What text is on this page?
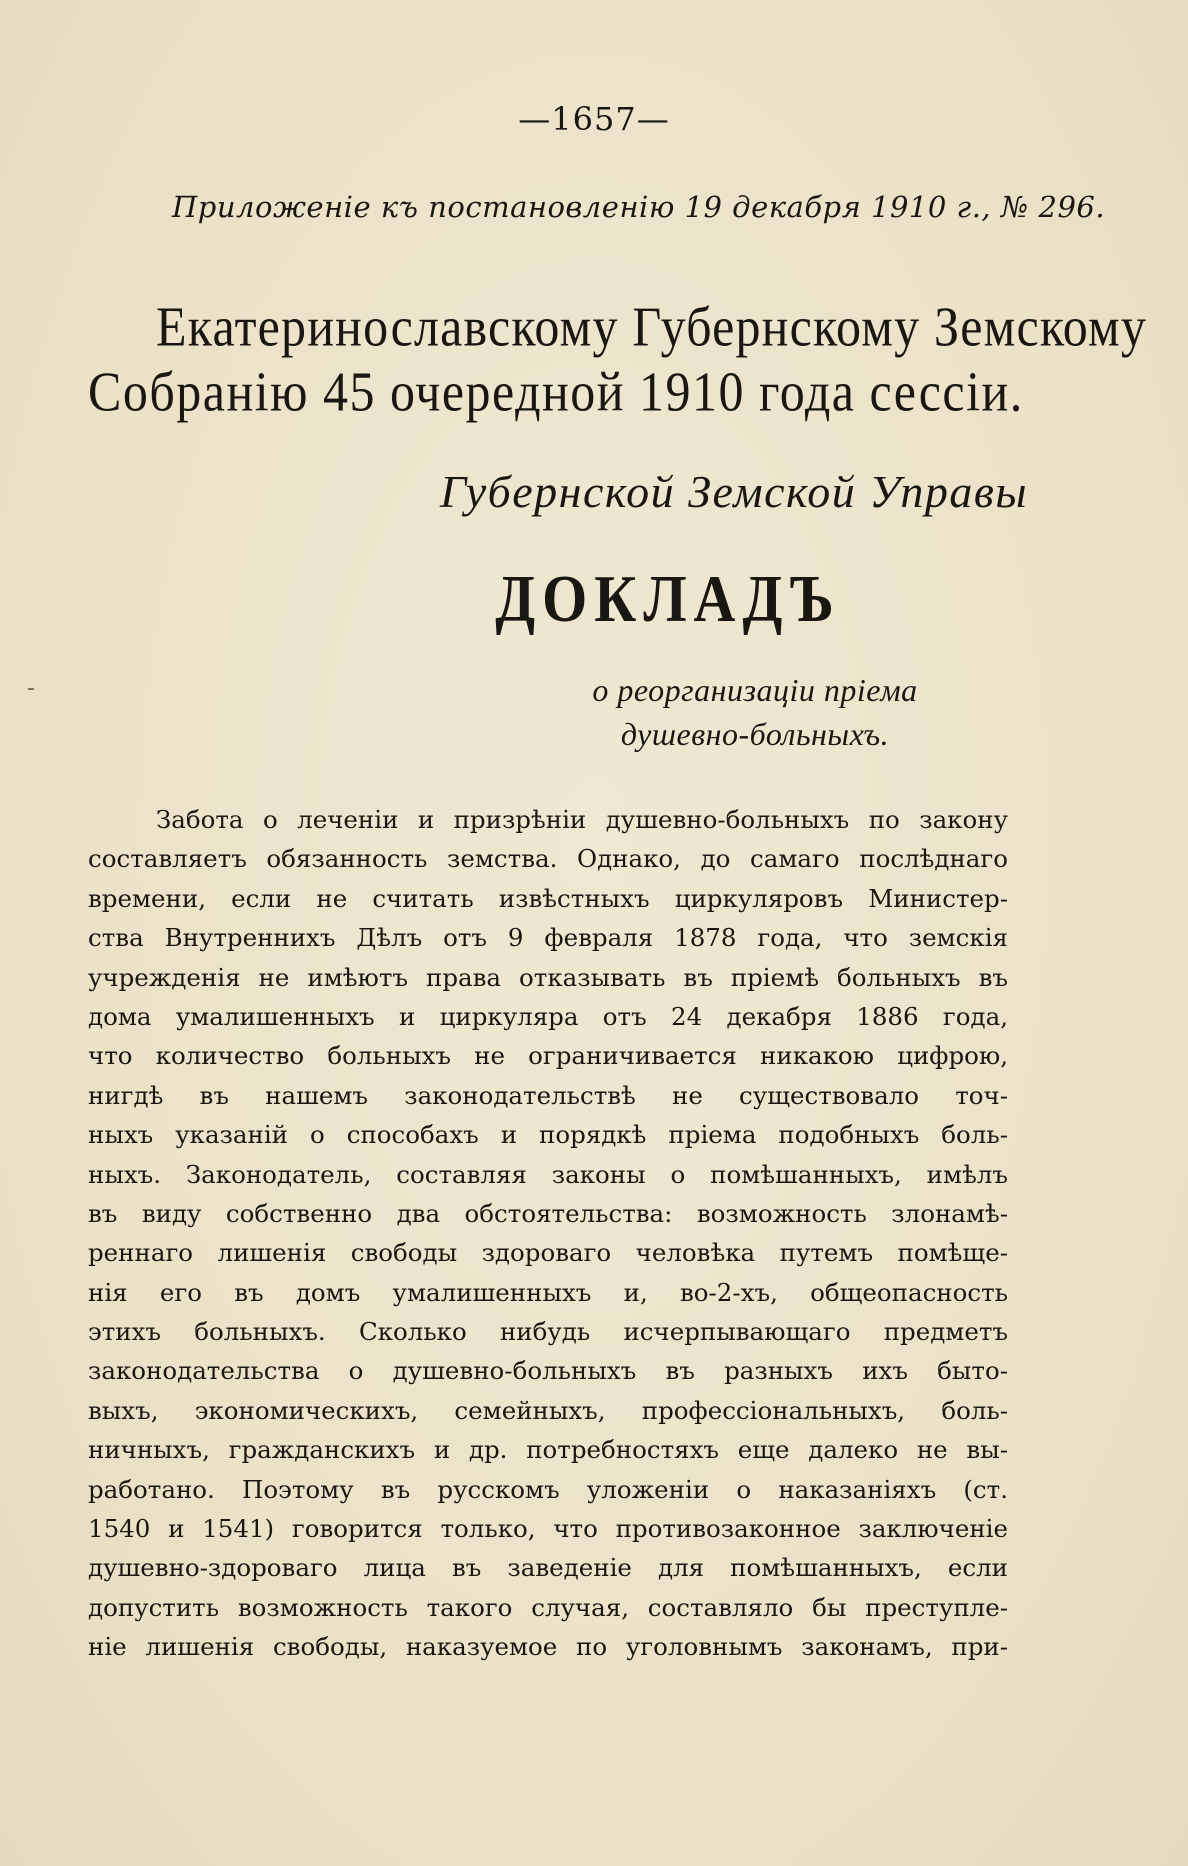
—1657—
Приложенiе къ постановленiю 19 декабря 1910 г., № 296.
Екатеринославскому Губернскому Земскому
Собранiю 45 очередной 1910 года сессiи.
Губернской Земской Управы
ДОКЛАДЪ
о реорганизацiи прiема
душевно-больныхъ.
Забота о леченiи и призрѣнiи душевно-больныхъ по закону
составляетъ обязанность земства. Однако, до самаго послѣднаго
времени, если не считать извѣстныхъ циркуляровъ Министер-
ства Внутреннихъ Дѣлъ отъ 9 февраля 1878 года, что земскiя
учрежденiя не имѣютъ права отказывать въ прiемѣ больныхъ въ
дома умалишенныхъ и циркуляра отъ 24 декабря 1886 года,
что количество больныхъ не ограничивается никакою цифрою,
нигдѣ въ нашемъ законодательствѣ не существовало точ-
ныхъ указанiй о способахъ и порядкѣ прiема подобныхъ боль-
ныхъ. Законодатель, составляя законы о помѣшанныхъ, имѣлъ
въ виду собственно два обстоятельства: возможность злонамѣ-
реннаго лишенiя свободы здороваго человѣка путемъ помѣще-
нiя его въ домъ умалишенныхъ и, во-2-хъ, общеопасность
этихъ больныхъ. Сколько нибудь исчерпывающаго предметъ
законодательства о душевно-больныхъ въ разныхъ ихъ быто-
выхъ, экономическихъ, семейныхъ, профессiональныхъ, боль-
ничныхъ, гражданскихъ и др. потребностяхъ еще далеко не вы-
работано. Поэтому въ русскомъ уложенiи о наказанiяхъ (ст.
1540 и 1541) говорится только, что противозаконное заключенiе
душевно-здороваго лица въ заведенiе для помѣшанныхъ, если
допустить возможность такого случая, составляло бы преступле-
нiе лишенiя свободы, наказуемое по уголовнымъ законамъ, при-
